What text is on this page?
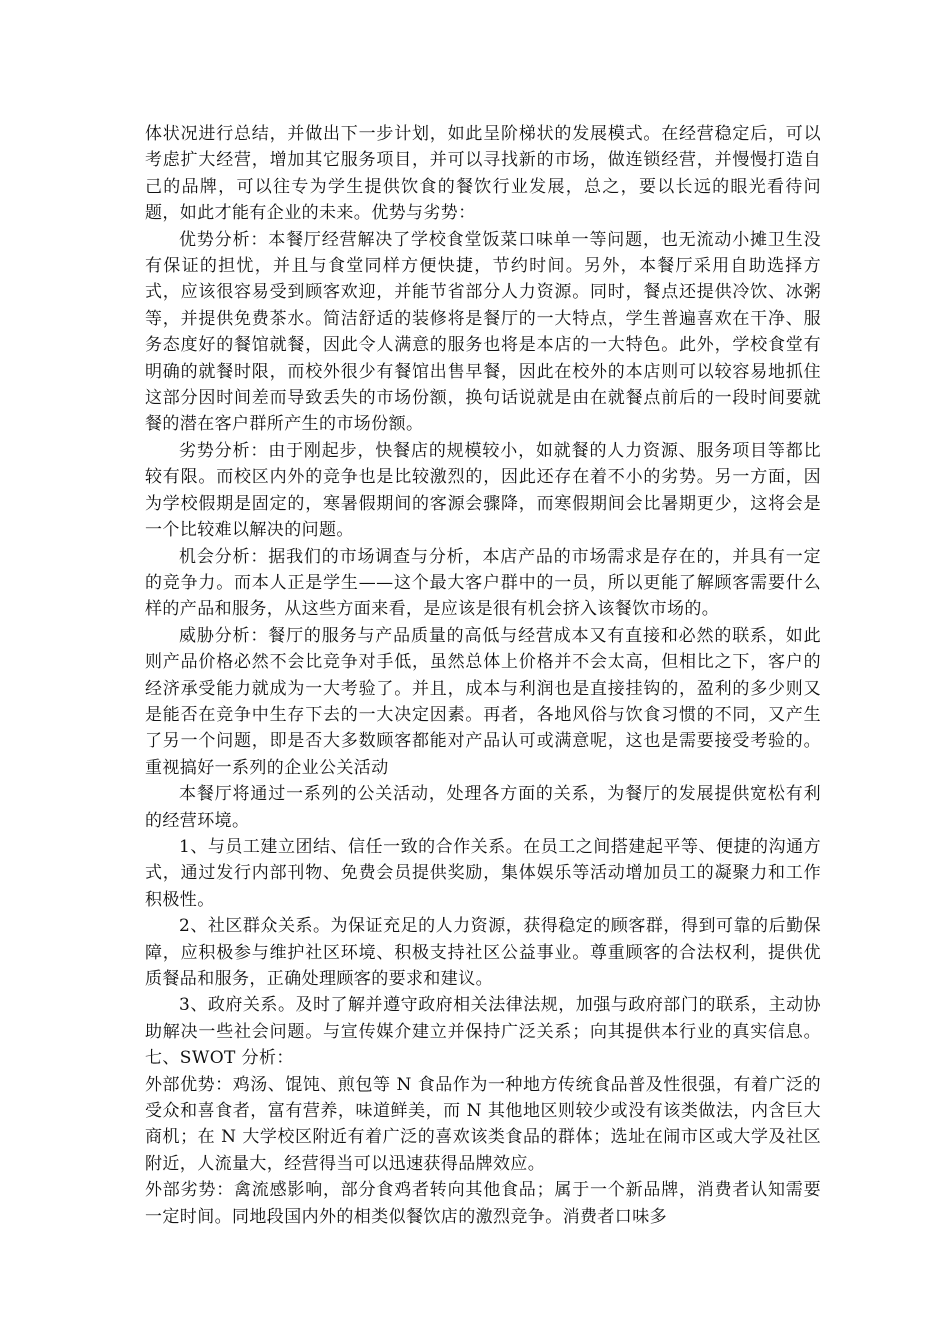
体状况进行总结，并做出下一步计划，如此呈阶梯状的发展模式。在经营稳定后，可以考虑扩大经营，增加其它服务项目，并可以寻找新的市场，做连锁经营，并慢慢打造自己的品牌，可以往专为学生提供饮食的餐饮行业发展，总之，要以长远的眼光看待问题，如此才能有企业的未来。优势与劣势：

优势分析：本餐厅经营解决了学校食堂饭菜口味单一等问题，也无流动小摊卫生没有保证的担忧，并且与食堂同样方便快捷，节约时间。另外，本餐厅采用自助选择方式，应该很容易受到顾客欢迎，并能节省部分人力资源。同时，餐点还提供冷饮、冰粥等，并提供免费茶水。简洁舒适的装修将是餐厅的一大特点，学生普遍喜欢在干净、服务态度好的餐馆就餐，因此令人满意的服务也将是本店的一大特色。此外，学校食堂有明确的就餐时限，而校外很少有餐馆出售早餐，因此在校外的本店则可以较容易地抓住这部分因时间差而导致丢失的市场份额，换句话说就是由在就餐点前后的一段时间要就餐的潜在客户群所产生的市场份额。

劣势分析：由于刚起步，快餐店的规模较小，如就餐的人力资源、服务项目等都比较有限。而校区内外的竞争也是比较激烈的，因此还存在着不小的劣势。另一方面，因为学校假期是固定的，寒暑假期间的客源会骤降，而寒假期间会比暑期更少，这将会是一个比较难以解决的问题。

机会分析：据我们的市场调查与分析，本店产品的市场需求是存在的，并具有一定的竞争力。而本人正是学生——这个最大客户群中的一员，所以更能了解顾客需要什么样的产品和服务，从这些方面来看，是应该是很有机会挤入该餐饮市场的。

威胁分析：餐厅的服务与产品质量的高低与经营成本又有直接和必然的联系，如此则产品价格必然不会比竞争对手低，虽然总体上价格并不会太高，但相比之下，客户的经济承受能力就成为一大考验了。并且，成本与利润也是直接挂钩的，盈利的多少则又是能否在竞争中生存下去的一大决定因素。再者，各地风俗与饮食习惯的不同，又产生了另一个问题，即是否大多数顾客都能对产品认可或满意呢，这也是需要接受考验的。重视搞好一系列的企业公关活动

本餐厅将通过一系列的公关活动，处理各方面的关系，为餐厅的发展提供宽松有利的经营环境。

1、与员工建立团结、信任一致的合作关系。在员工之间搭建起平等、便捷的沟通方式，通过发行内部刊物、免费会员提供奖励，集体娱乐等活动增加员工的凝聚力和工作积极性。

2、社区群众关系。为保证充足的人力资源，获得稳定的顾客群，得到可靠的后勤保障，应积极参与维护社区环境、积极支持社区公益事业。尊重顾客的合法权利，提供优质餐品和服务，正确处理顾客的要求和建议。

3、政府关系。及时了解并遵守政府相关法律法规，加强与政府部门的联系，主动协助解决一些社会问题。与宣传媒介建立并保持广泛关系；向其提供本行业的真实信息。七、SWOT 分析：

外部优势：鸡汤、馄饨、煎包等 N 食品作为一种地方传统食品普及性很强，有着广泛的受众和喜食者，富有营养，味道鲜美，而 N 其他地区则较少或没有该类做法，内含巨大商机；在 N 大学校区附近有着广泛的喜欢该类食品的群体；选址在闹市区或大学及社区附近，人流量大，经营得当可以迅速获得品牌效应。

外部劣势：禽流感影响，部分食鸡者转向其他食品；属于一个新品牌，消费者认知需要一定时间。同地段国内外的相类似餐饮店的激烈竞争。消费者口味多
